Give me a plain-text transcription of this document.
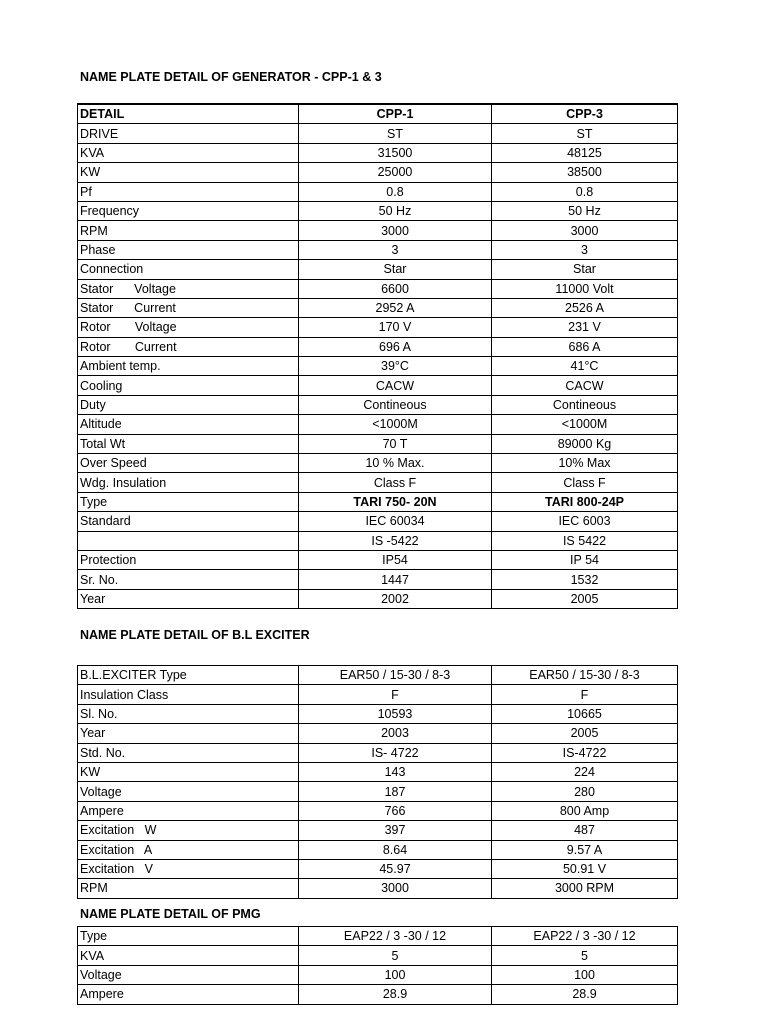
NAME PLATE DETAIL OF GENERATOR - CPP-1 & 3
DETAIL	CPP-1	CPP-3
DRIVE	ST	ST
KVA	31500	48125
KW	25000	38500
Pf	0.8	0.8
Frequency	50 Hz	50 Hz
RPM	3000	3000
Phase	3	3
Connection	Star	Star
Stator      Voltage	6600	11000 Volt
Stator      Current	2952 A	2526 A
Rotor       Voltage	170 V	231 V
Rotor       Current	696 A	686 A
Ambient temp.	39°C	41°C
Cooling	CACW	CACW
Duty	Contineous	Contineous
Altitude	<1000M	<1000M
Total Wt	70 T	89000 Kg
Over Speed	10 % Max.	10% Max
Wdg. Insulation	Class F	Class F
Type	TARI 750- 20N	TARI 800-24P
Standard	IEC 60034	IEC 6003
	IS -5422	IS 5422
Protection	IP54	IP 54
Sr. No.	1447	1532
Year	2002	2005
NAME PLATE DETAIL OF B.L EXCITER
B.L.EXCITER Type	EAR50 / 15-30 / 8-3	EAR50 / 15-30 / 8-3
Insulation Class	F	F
Sl. No.	10593	10665
Year	2003	2005
Std. No.	IS- 4722	IS-4722
KW	143	224
Voltage	187	280
Ampere	766	800 Amp
Excitation   W	397	487
Excitation   A	8.64	9.57 A
Excitation   V	45.97	50.91 V
RPM	3000	3000 RPM
NAME PLATE DETAIL OF PMG
Type	EAP22 / 3 -30 / 12	EAP22 / 3 -30 / 12
KVA	5	5
Voltage	100	100
Ampere	28.9	28.9
